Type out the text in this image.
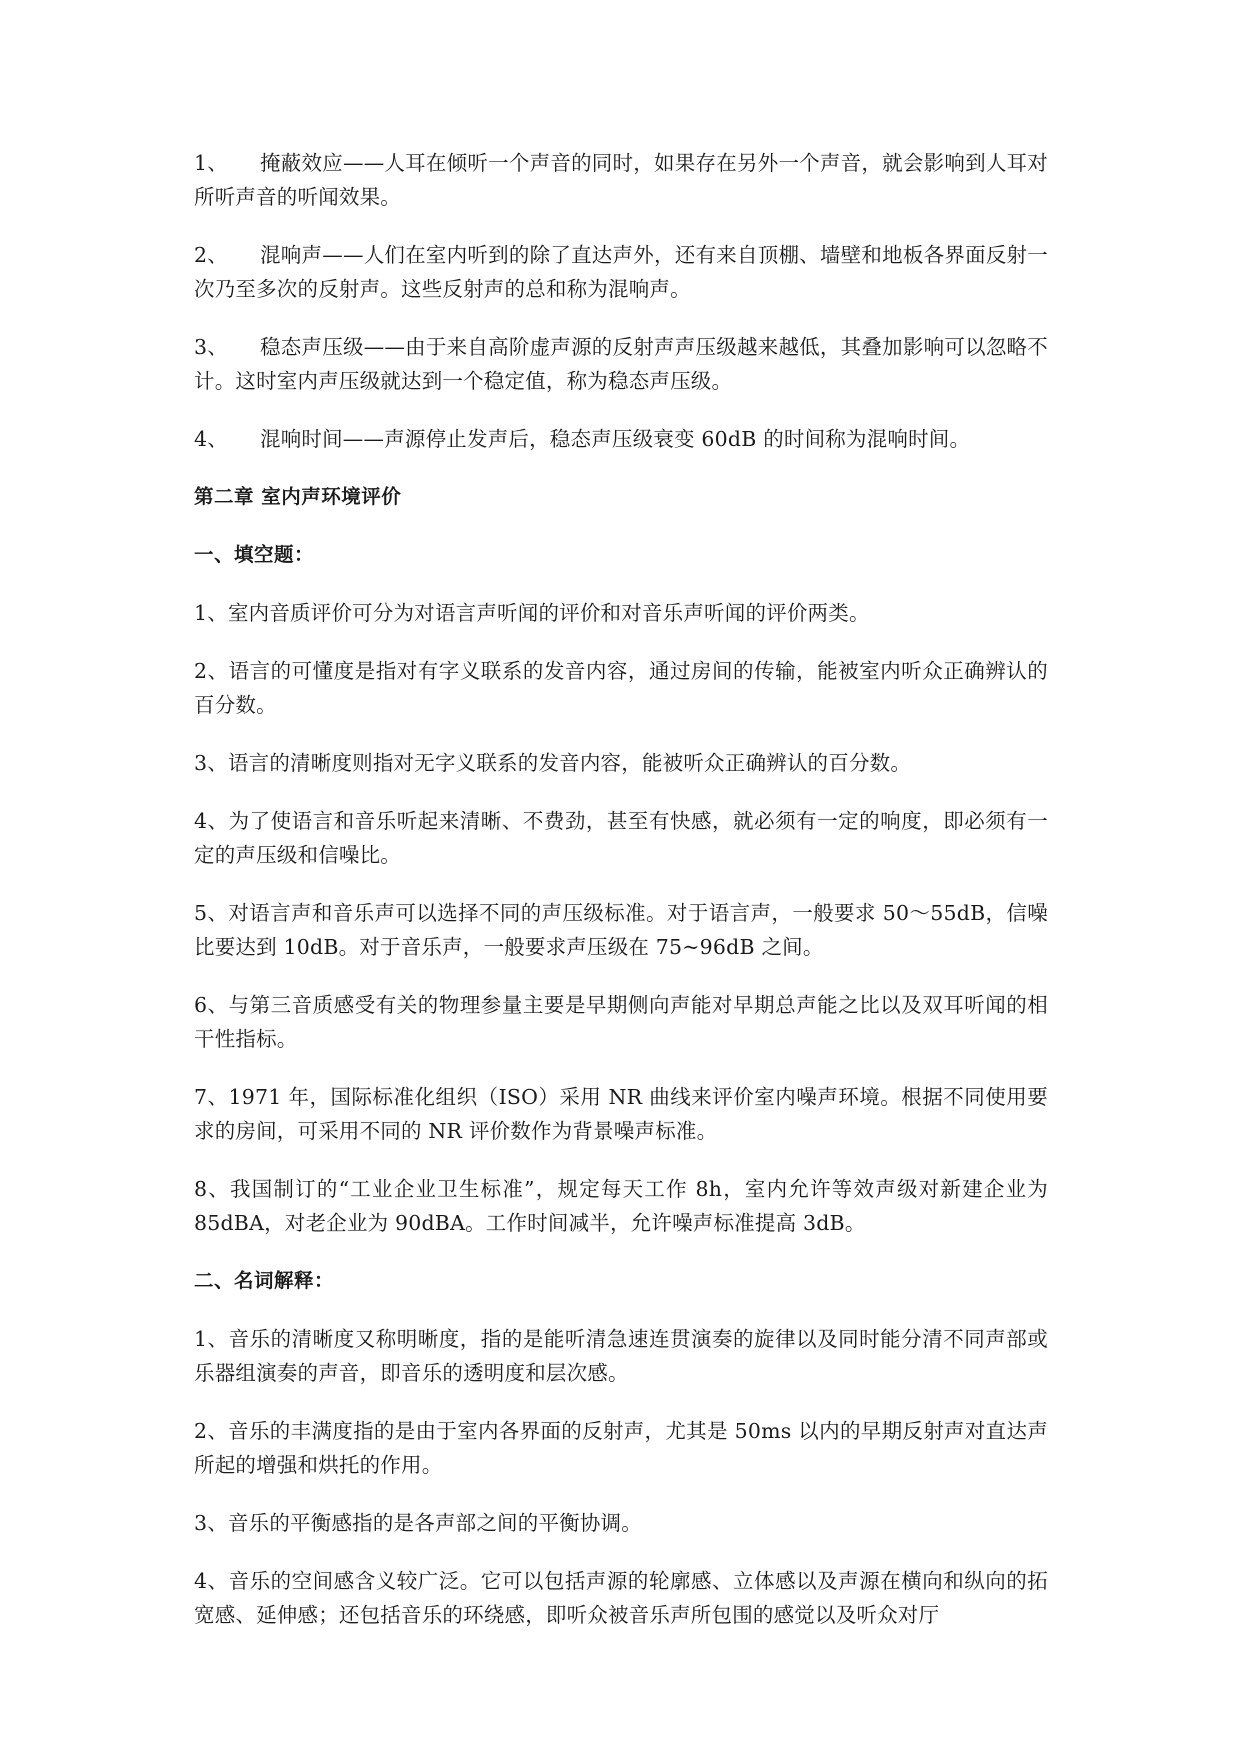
1、 掩蔽效应——人耳在倾听一个声音的同时，如果存在另外一个声音，就会影响到人耳对所听声音的听闻效果。

2、 混响声——人们在室内听到的除了直达声外，还有来自顶棚、墙壁和地板各界面反射一次乃至多次的反射声。这些反射声的总和称为混响声。

3、 稳态声压级——由于来自高阶虚声源的反射声声压级越来越低，其叠加影响可以忽略不计。这时室内声压级就达到一个稳定值，称为稳态声压级。

4、 混响时间——声源停止发声后，稳态声压级衰变 60dB 的时间称为混响时间。

第二章 室内声环境评价

一、填空题：

1、室内音质评价可分为对语言声听闻的评价和对音乐声听闻的评价两类。

2、语言的可懂度是指对有字义联系的发音内容，通过房间的传输，能被室内听众正确辨认的百分数。

3、语言的清晰度则指对无字义联系的发音内容，能被听众正确辨认的百分数。

4、为了使语言和音乐听起来清晰、不费劲，甚至有快感，就必须有一定的响度，即必须有一定的声压级和信噪比。

5、对语言声和音乐声可以选择不同的声压级标准。对于语言声，一般要求 50～55dB，信噪比要达到 10dB。对于音乐声，一般要求声压级在 75~96dB 之间。

6、与第三音质感受有关的物理参量主要是早期侧向声能对早期总声能之比以及双耳听闻的相干性指标。

7、1971 年，国际标准化组织（ISO）采用 NR 曲线来评价室内噪声环境。根据不同使用要求的房间，可采用不同的 NR 评价数作为背景噪声标准。

8、我国制订的“工业企业卫生标准”，规定每天工作 8h，室内允许等效声级对新建企业为 85dBA，对老企业为 90dBA。工作时间减半，允许噪声标准提高 3dB。

二、名词解释：

1、音乐的清晰度又称明晰度，指的是能听清急速连贯演奏的旋律以及同时能分清不同声部或乐器组演奏的声音，即音乐的透明度和层次感。

2、音乐的丰满度指的是由于室内各界面的反射声，尤其是 50ms 以内的早期反射声对直达声所起的增强和烘托的作用。

3、音乐的平衡感指的是各声部之间的平衡协调。

4、音乐的空间感含义较广泛。它可以包括声源的轮廓感、立体感以及声源在横向和纵向的拓宽感、延伸感；还包括音乐的环绕感，即听众被音乐声所包围的感觉以及听众对厅
